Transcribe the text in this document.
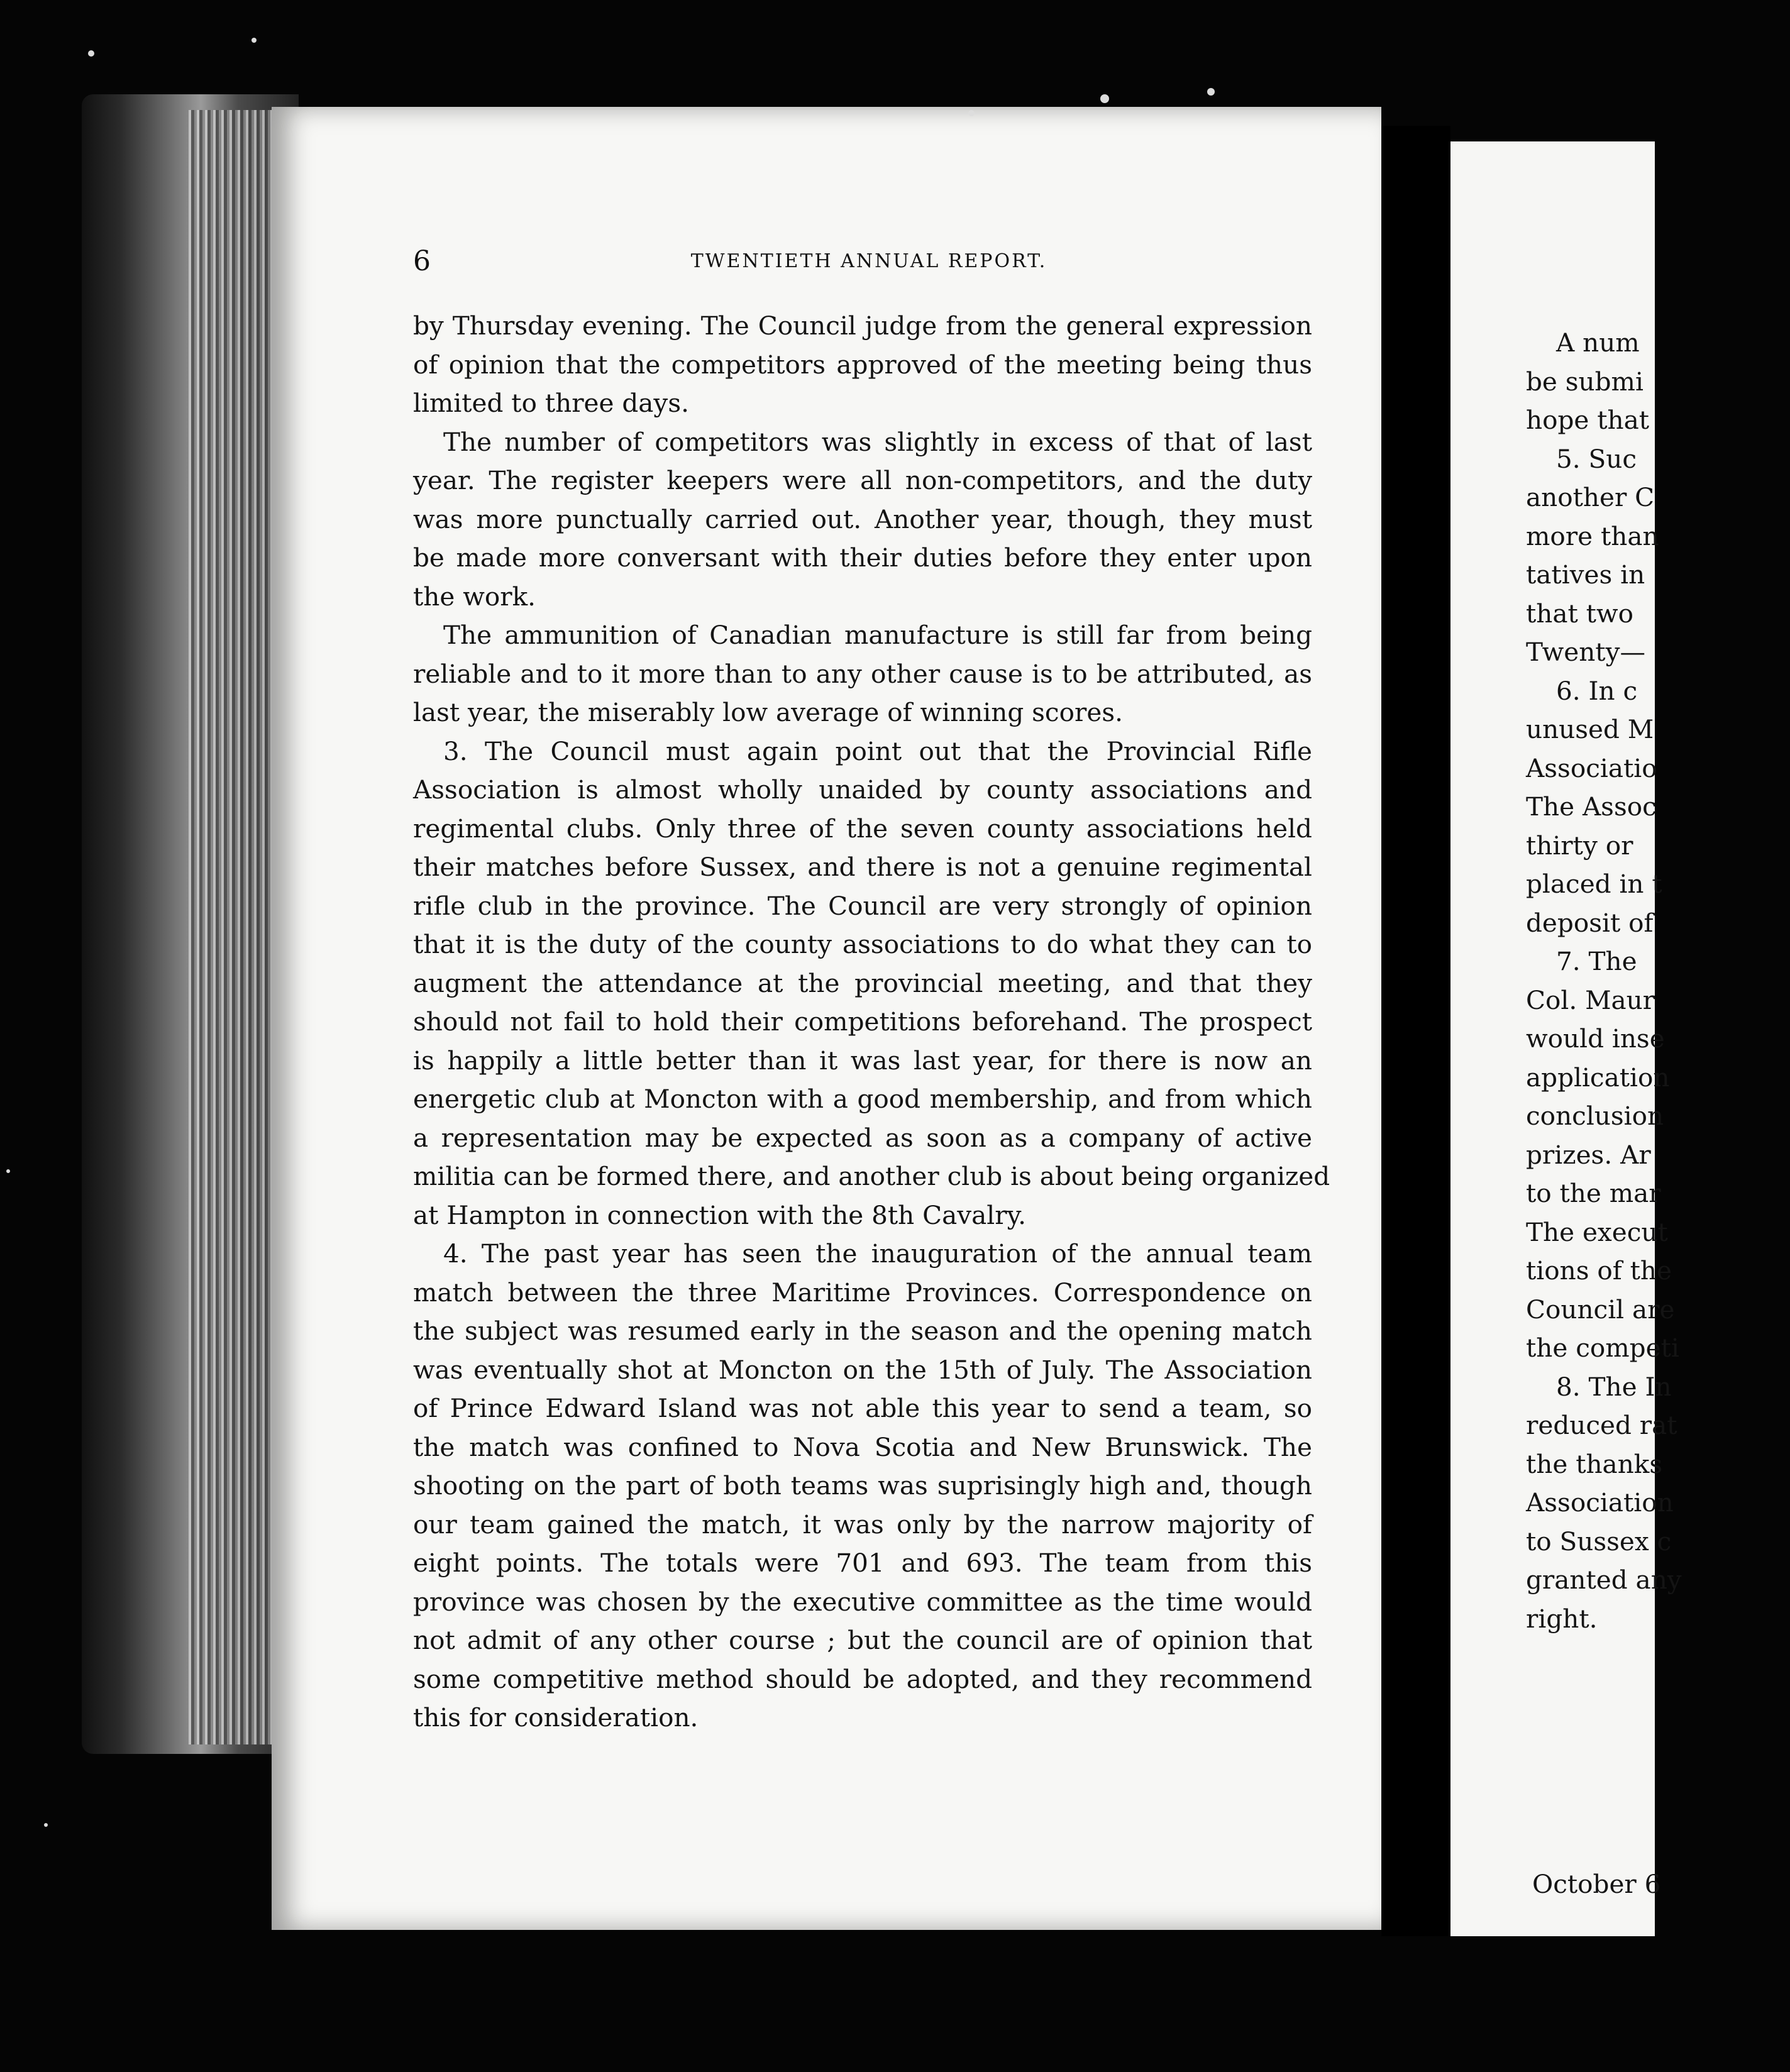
6	TWENTIETH ANNUAL REPORT.
by Thursday evening. The Council judge from the general expression
of opinion that the competitors approved of the meeting being thus
limited to three days.
The number of competitors was slightly in excess of that of last
year. The register keepers were all non-competitors, and the duty
was more punctually carried out. Another year, though, they must
be made more conversant with their duties before they enter upon
the work.
The ammunition of Canadian manufacture is still far from being
reliable and to it more than to any other cause is to be attributed, as
last year, the miserably low average of winning scores.
3. The Council must again point out that the Provincial Rifle
Association is almost wholly unaided by county associations and
regimental clubs. Only three of the seven county associations held
their matches before Sussex, and there is not a genuine regimental
rifle club in the province. The Council are very strongly of opinion
that it is the duty of the county associations to do what they can to
augment the attendance at the provincial meeting, and that they
should not fail to hold their competitions beforehand. The prospect
is happily a little better than it was last year, for there is now an
energetic club at Moncton with a good membership, and from which
a representation may be expected as soon as a company of active
militia can be formed there, and another club is about being organized
at Hampton in connection with the 8th Cavalry.
4. The past year has seen the inauguration of the annual team
match between the three Maritime Provinces. Correspondence on
the subject was resumed early in the season and the opening match
was eventually shot at Moncton on the 15th of July. The Association
of Prince Edward Island was not able this year to send a team, so
the match was confined to Nova Scotia and New Brunswick. The
shooting on the part of both teams was suprisingly high and, though
our team gained the match, it was only by the narrow majority of
eight points. The totals were 701 and 693. The team from this
province was chosen by the executive committee as the time would
not admit of any other course ; but the council are of opinion that
some competitive method should be adopted, and they recommend
this for consideration.
A num
be submi
hope that
5. Suc
another C
more than
tatives in
that two
Twenty—
6. In c
unused M
Associatio
The Assoc
thirty or
placed in t
deposit of
7. The
Col. Maur
would inse
application
conclusion
prizes. Ar
to the mar
The execut
tions of the
Council are
the competi
8. The In
reduced rat
the thanks
Association
to Sussex c
granted any
right.
October 6
